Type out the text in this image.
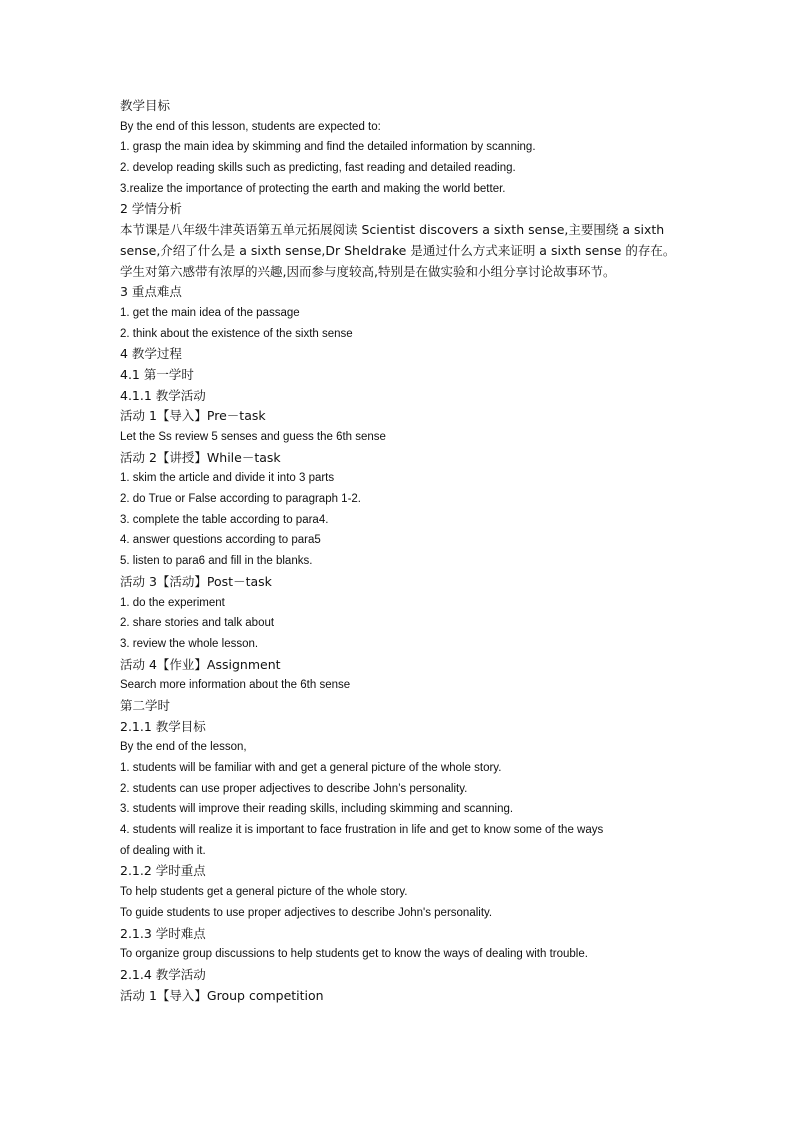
教学目标

By the end of this lesson, students are expected to:

1. grasp the main idea by skimming and find the detailed information by scanning.

2. develop reading skills such as predicting, fast reading and detailed reading.

3.realize the importance of protecting the earth and making the world better.

2 学情分析

本节课是八年级牛津英语第五单元拓展阅读 Scientist discovers a sixth sense,主要围绕 a sixth

sense,介绍了什么是 a sixth sense,Dr Sheldrake 是通过什么方式来证明 a sixth sense 的存在。

学生对第六感带有浓厚的兴趣,因而参与度较高,特别是在做实验和小组分享讨论故事环节。

3 重点难点

1. get the main idea of the passage

2. think about the existence of the sixth sense

4 教学过程

4.1 第一学时

4.1.1 教学活动

活动 1【导入】Pre－task

Let the Ss review 5 senses and guess the 6th sense

活动 2【讲授】While－task

1. skim the article and divide it into 3 parts

2. do True or False according to paragraph 1-2.

3. complete the table according to para4.

4. answer questions according to para5

5. listen to para6 and fill in the blanks.

活动 3【活动】Post－task

1. do the experiment

2. share stories and talk about

3. review the whole lesson.

活动 4【作业】Assignment

Search more information about the 6th sense

第二学时

2.1.1 教学目标

By the end of the lesson,

1. students will be familiar with and get a general picture of the whole story.

2. students can use proper adjectives to describe John’s personality.

3. students will improve their reading skills, including skimming and scanning.

4. students will realize it is important to face frustration in life and get to know some of the ways

of dealing with it.

2.1.2 学时重点

To help students get a general picture of the whole story.

To guide students to use proper adjectives to describe John's personality.

2.1.3 学时难点

To organize group discussions to help students get to know the ways of dealing with trouble.

2.1.4 教学活动

活动 1【导入】Group competition
